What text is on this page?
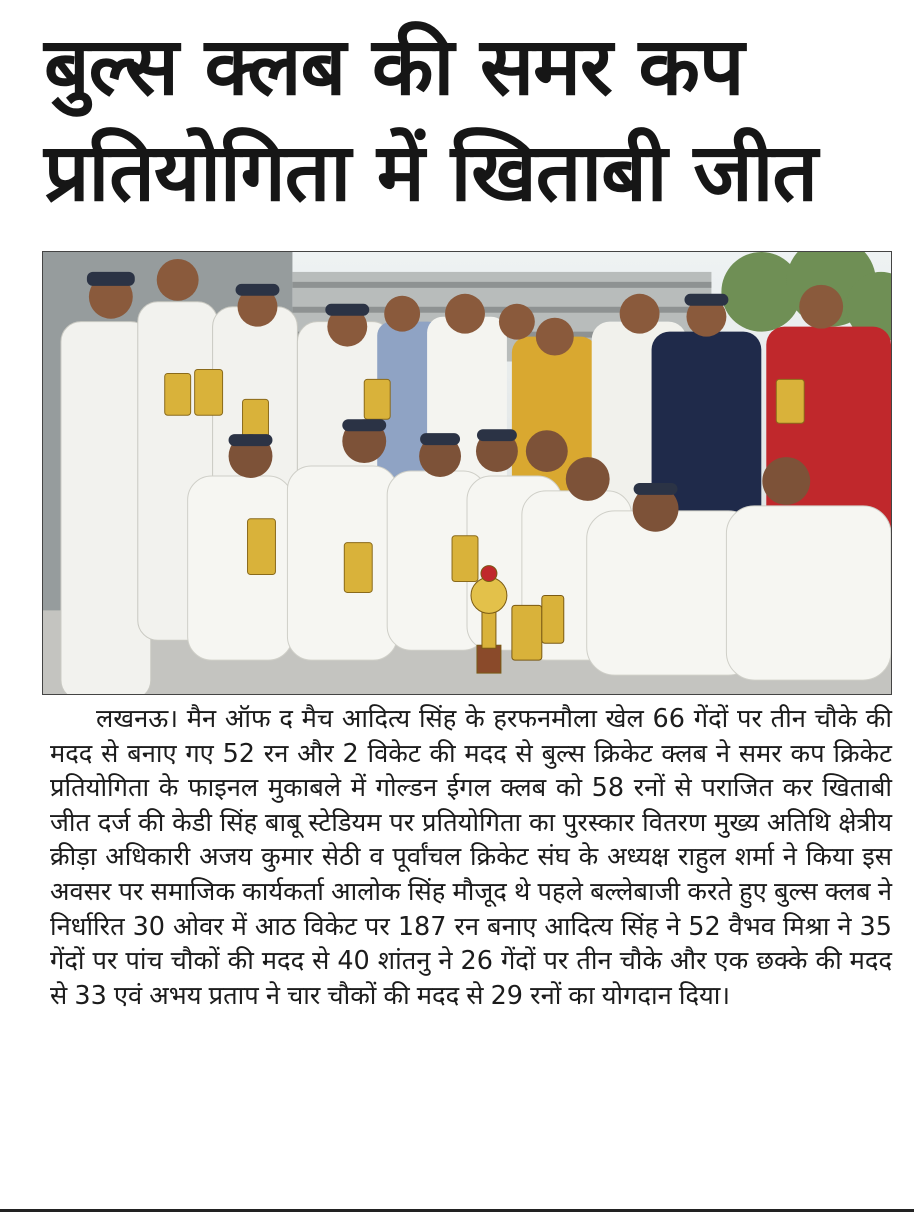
बुल्स क्लब की समर कप
प्रतियोगिता में खिताबी जीत

लखनऊ। मैन ऑफ द मैच आदित्य सिंह के हरफनमौला खेल 66 गेंदों पर तीन चौके की मदद से बनाए गए 52 रन और 2 विकेट की मदद से बुल्स क्रिकेट क्लब ने समर कप क्रिकेट प्रतियोगिता के फाइनल मुकाबले में गोल्डन ईगल क्लब को 58 रनों से पराजित कर खिताबी जीत दर्ज की केडी सिंह बाबू स्टेडियम पर प्रतियोगिता का पुरस्कार वितरण मुख्य अतिथि क्षेत्रीय क्रीड़ा अधिकारी अजय कुमार सेठी व पूर्वांचल क्रिकेट संघ के अध्यक्ष राहुल शर्मा ने किया इस अवसर पर समाजिक कार्यकर्ता आलोक सिंह मौजूद थे पहले बल्लेबाजी करते हुए बुल्स क्लब ने निर्धारित 30 ओवर में आठ विकेट पर 187 रन बनाए आदित्य सिंह ने 52 वैभव मिश्रा ने 35 गेंदों पर पांच चौकों की मदद से 40 शांतनु ने 26 गेंदों पर तीन चौके और एक छक्के की मदद से 33 एवं अभय प्रताप ने चार चौकों की मदद से 29 रनों का योगदान दिया।
